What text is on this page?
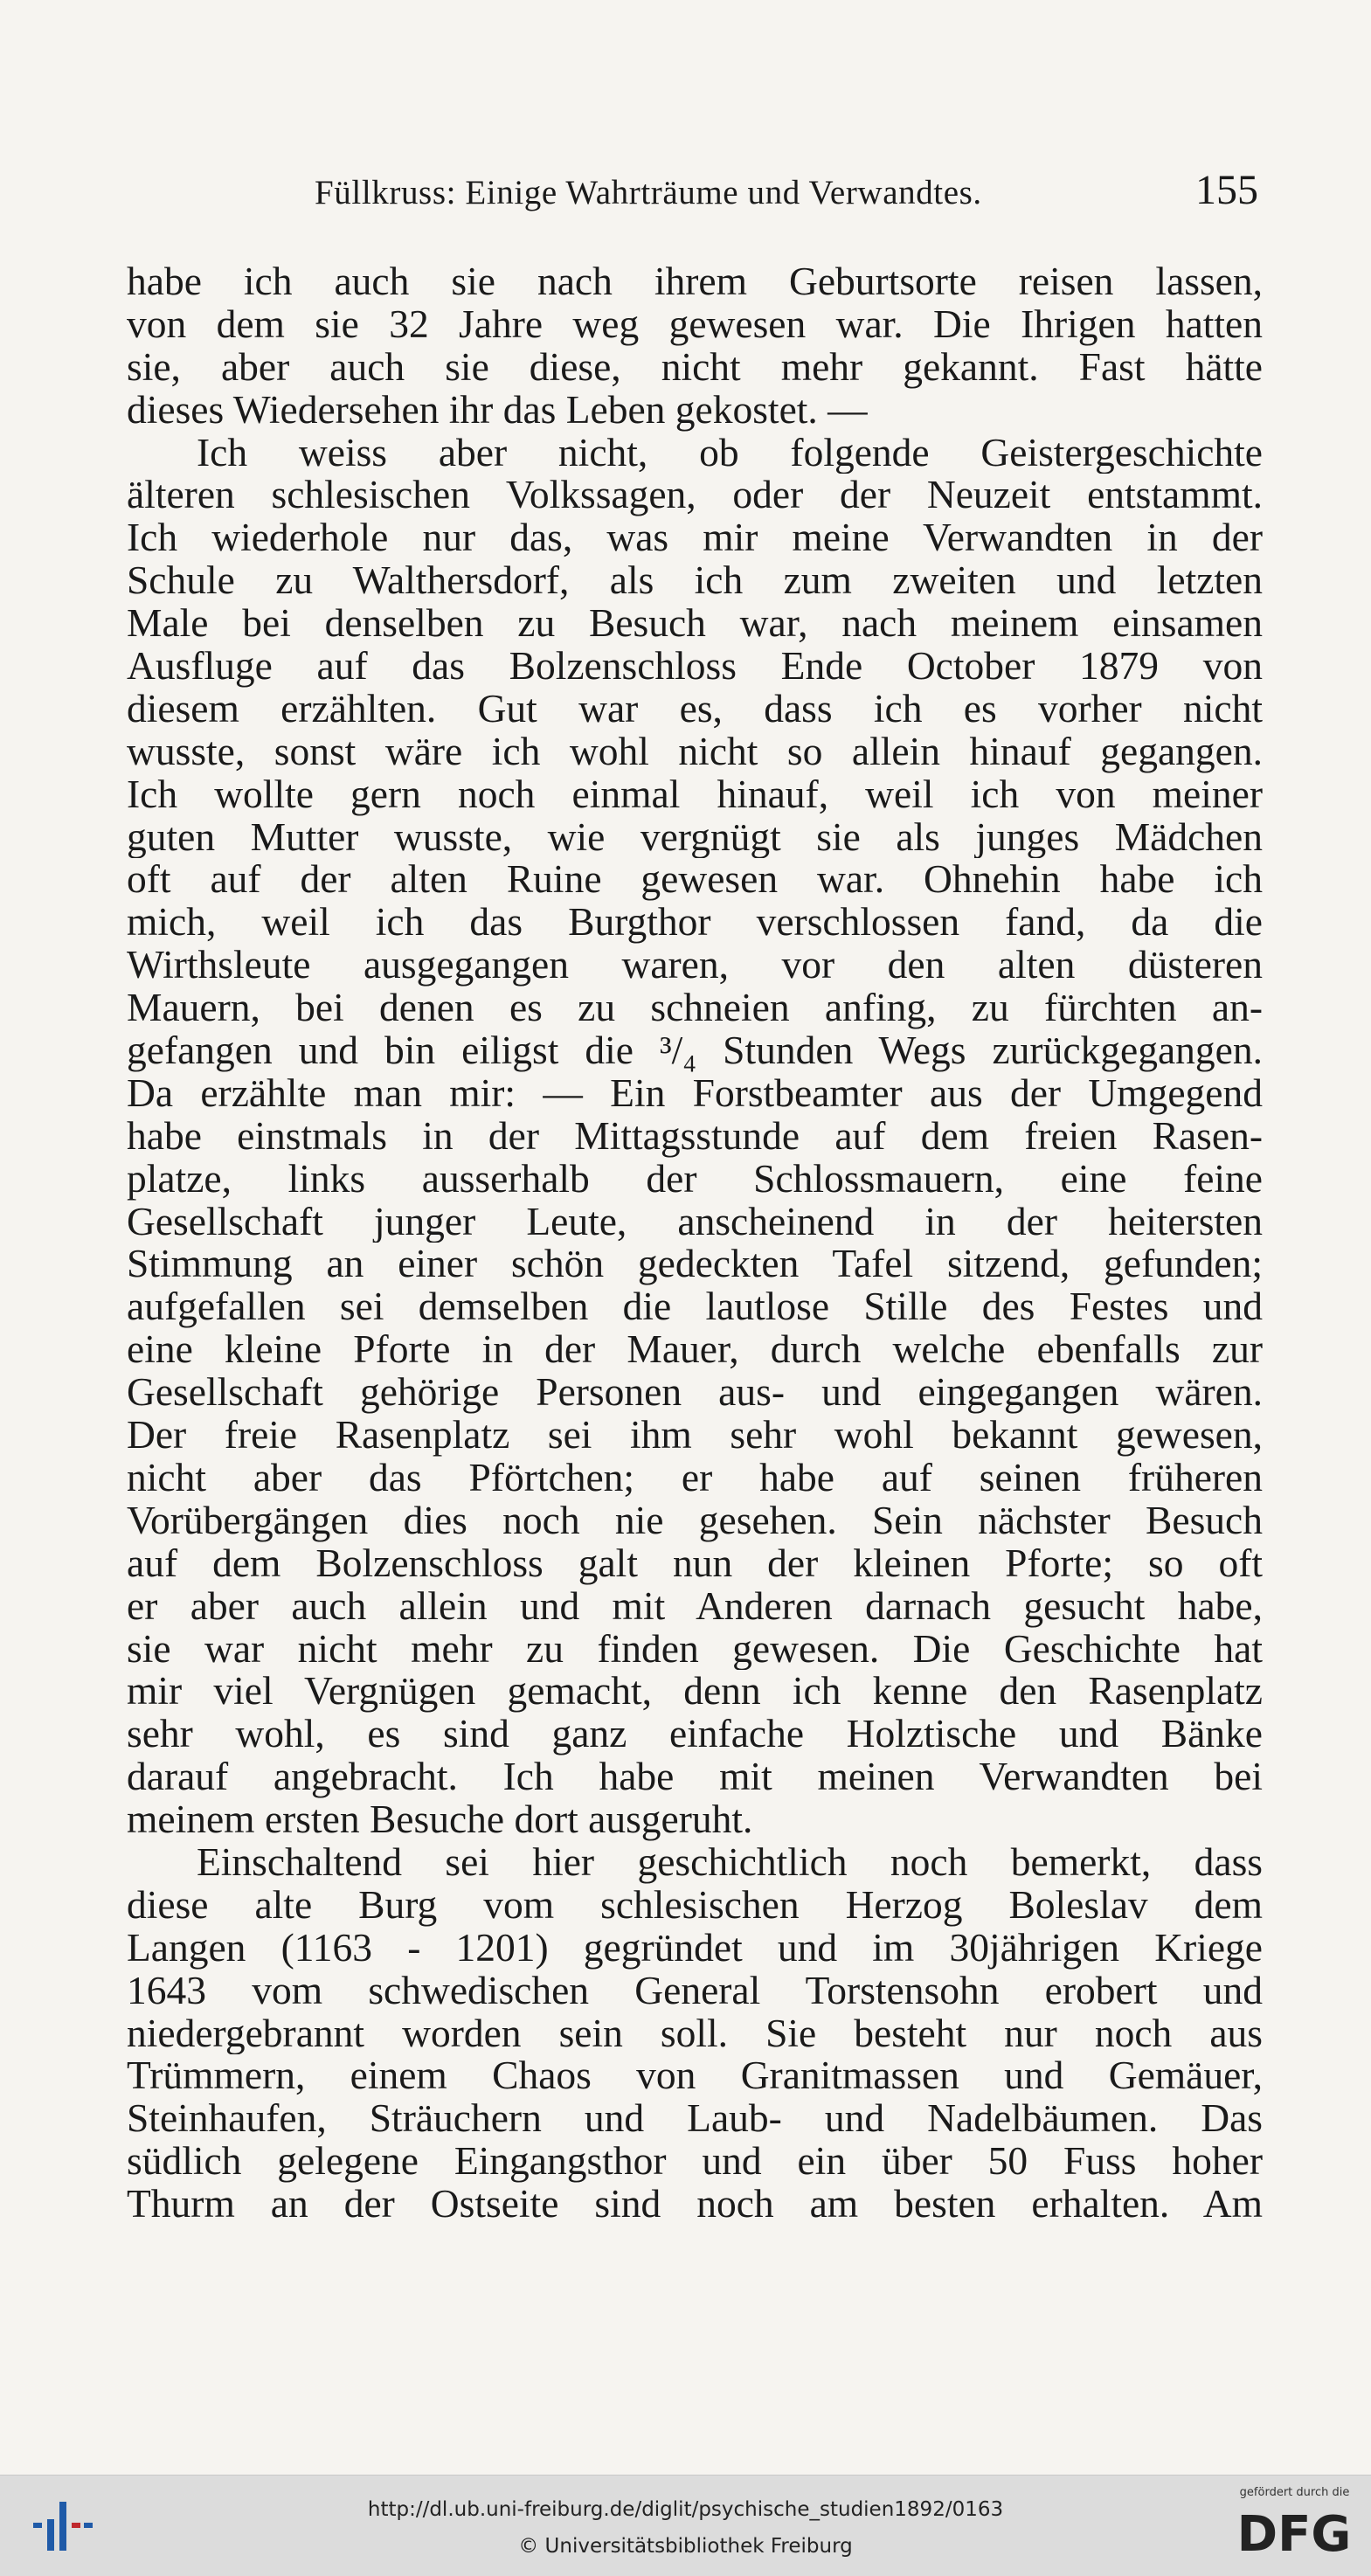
Füllkruss: Einige Wahrträume und Verwandtes.	155
habe ich auch sie nach ihrem Geburtsorte reisen lassen,
von dem sie 32 Jahre weg gewesen war. Die Ihrigen hatten
sie, aber auch sie diese, nicht mehr gekannt. Fast hätte
dieses Wiedersehen ihr das Leben gekostet. —
Ich weiss aber nicht, ob folgende Geistergeschichte
älteren schlesischen Volkssagen, oder der Neuzeit entstammt.
Ich wiederhole nur das, was mir meine Verwandten in der
Schule zu Walthersdorf, als ich zum zweiten und letzten
Male bei denselben zu Besuch war, nach meinem einsamen
Ausfluge auf das Bolzenschloss Ende October 1879 von
diesem erzählten. Gut war es, dass ich es vorher nicht
wusste, sonst wäre ich wohl nicht so allein hinauf gegangen.
Ich wollte gern noch einmal hinauf, weil ich von meiner
guten Mutter wusste, wie vergnügt sie als junges Mädchen
oft auf der alten Ruine gewesen war. Ohnehin habe ich
mich, weil ich das Burgthor verschlossen fand, da die
Wirthsleute ausgegangen waren, vor den alten düsteren
Mauern, bei denen es zu schneien anfing, zu fürchten an-
gefangen und bin eiligst die ³/₄ Stunden Wegs zurückgegangen.
Da erzählte man mir: — Ein Forstbeamter aus der Umgegend
habe einstmals in der Mittagsstunde auf dem freien Rasen-
platze, links ausserhalb der Schlossmauern, eine feine
Gesellschaft junger Leute, anscheinend in der heitersten
Stimmung an einer schön gedeckten Tafel sitzend, gefunden;
aufgefallen sei demselben die lautlose Stille des Festes und
eine kleine Pforte in der Mauer, durch welche ebenfalls zur
Gesellschaft gehörige Personen aus- und eingegangen wären.
Der freie Rasenplatz sei ihm sehr wohl bekannt gewesen,
nicht aber das Pförtchen; er habe auf seinen früheren
Vorübergängen dies noch nie gesehen. Sein nächster Besuch
auf dem Bolzenschloss galt nun der kleinen Pforte; so oft
er aber auch allein und mit Anderen darnach gesucht habe,
sie war nicht mehr zu finden gewesen. Die Geschichte hat
mir viel Vergnügen gemacht, denn ich kenne den Rasenplatz
sehr wohl, es sind ganz einfache Holztische und Bänke
darauf angebracht. Ich habe mit meinen Verwandten bei
meinem ersten Besuche dort ausgeruht.
Einschaltend sei hier geschichtlich noch bemerkt, dass
diese alte Burg vom schlesischen Herzog Boleslav dem
Langen (1163 - 1201) gegründet und im 30jährigen Kriege
1643 vom schwedischen General Torstensohn erobert und
niedergebrannt worden sein soll. Sie besteht nur noch aus
Trümmern, einem Chaos von Granitmassen und Gemäuer,
Steinhaufen, Sträuchern und Laub- und Nadelbäumen. Das
südlich gelegene Eingangsthor und ein über 50 Fuss hoher
Thurm an der Ostseite sind noch am besten erhalten. Am
http://dl.ub.uni-freiburg.de/diglit/psychische_studien1892/0163
© Universitätsbibliothek Freiburg
gefördert durch die
DFG
